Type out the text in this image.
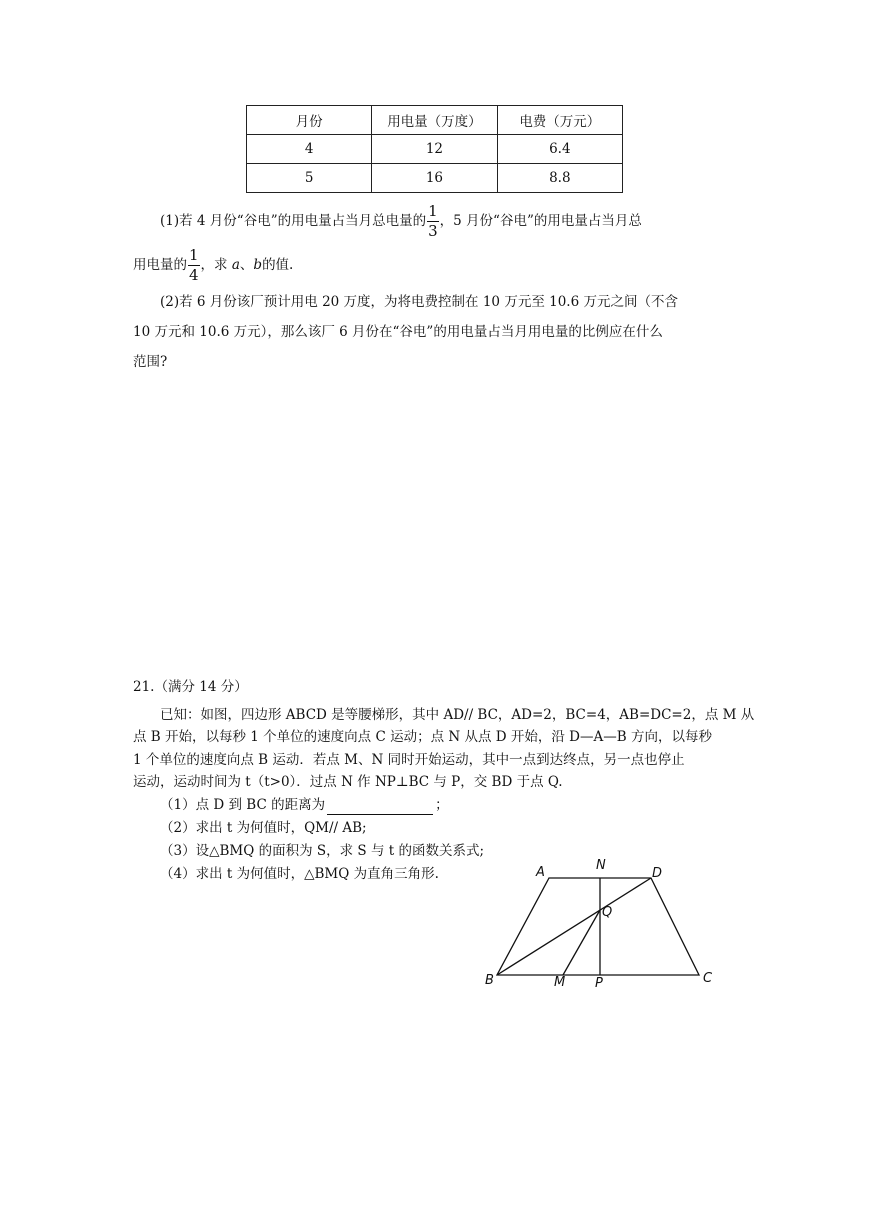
月份	用电量（万度）	电费（万元）
4	12	6.4
5	16	8.8
(1)若 4 月份“谷电”的用电量占当月总电量的 $\frac{1}{3}$ ，5 月份“谷电”的用电量占当月总
用电量的 $\frac{1}{4}$ ，求 a、b的值.
(2)若 6 月份该厂预计用电 20 万度，为将电费控制在 10 万元至 10.6 万元之间（不含
10 万元和 10.6 万元），那么该厂 6 月份在“谷电”的用电量占当月用电量的比例应在什么
范围?
21.（满分 14 分）
已知：如图，四边形 ABCD 是等腰梯形，其中 AD// BC，AD=2，BC=4，AB=DC=2，点 M 从
点 B 开始，以每秒 1 个单位的速度向点 C 运动；点 N 从点 D 开始，沿 D—A—B 方向，以每秒
1 个单位的速度向点 B 运动．若点 M、N 同时开始运动，其中一点到达终点，另一点也停止
运动，运动时间为 t（t>0）．过点 N 作 NP⊥BC 与 P，交 BD 于点 Q.
（1）点 D 到 BC 的距离为	；
（2）求出 t 为何值时，QM// AB;
（3）设△BMQ 的面积为 S，求 S 与 t 的函数关系式;
（4）求出 t 为何值时，△BMQ 为直角三角形.	A	N
D
Q
B	M P	C
